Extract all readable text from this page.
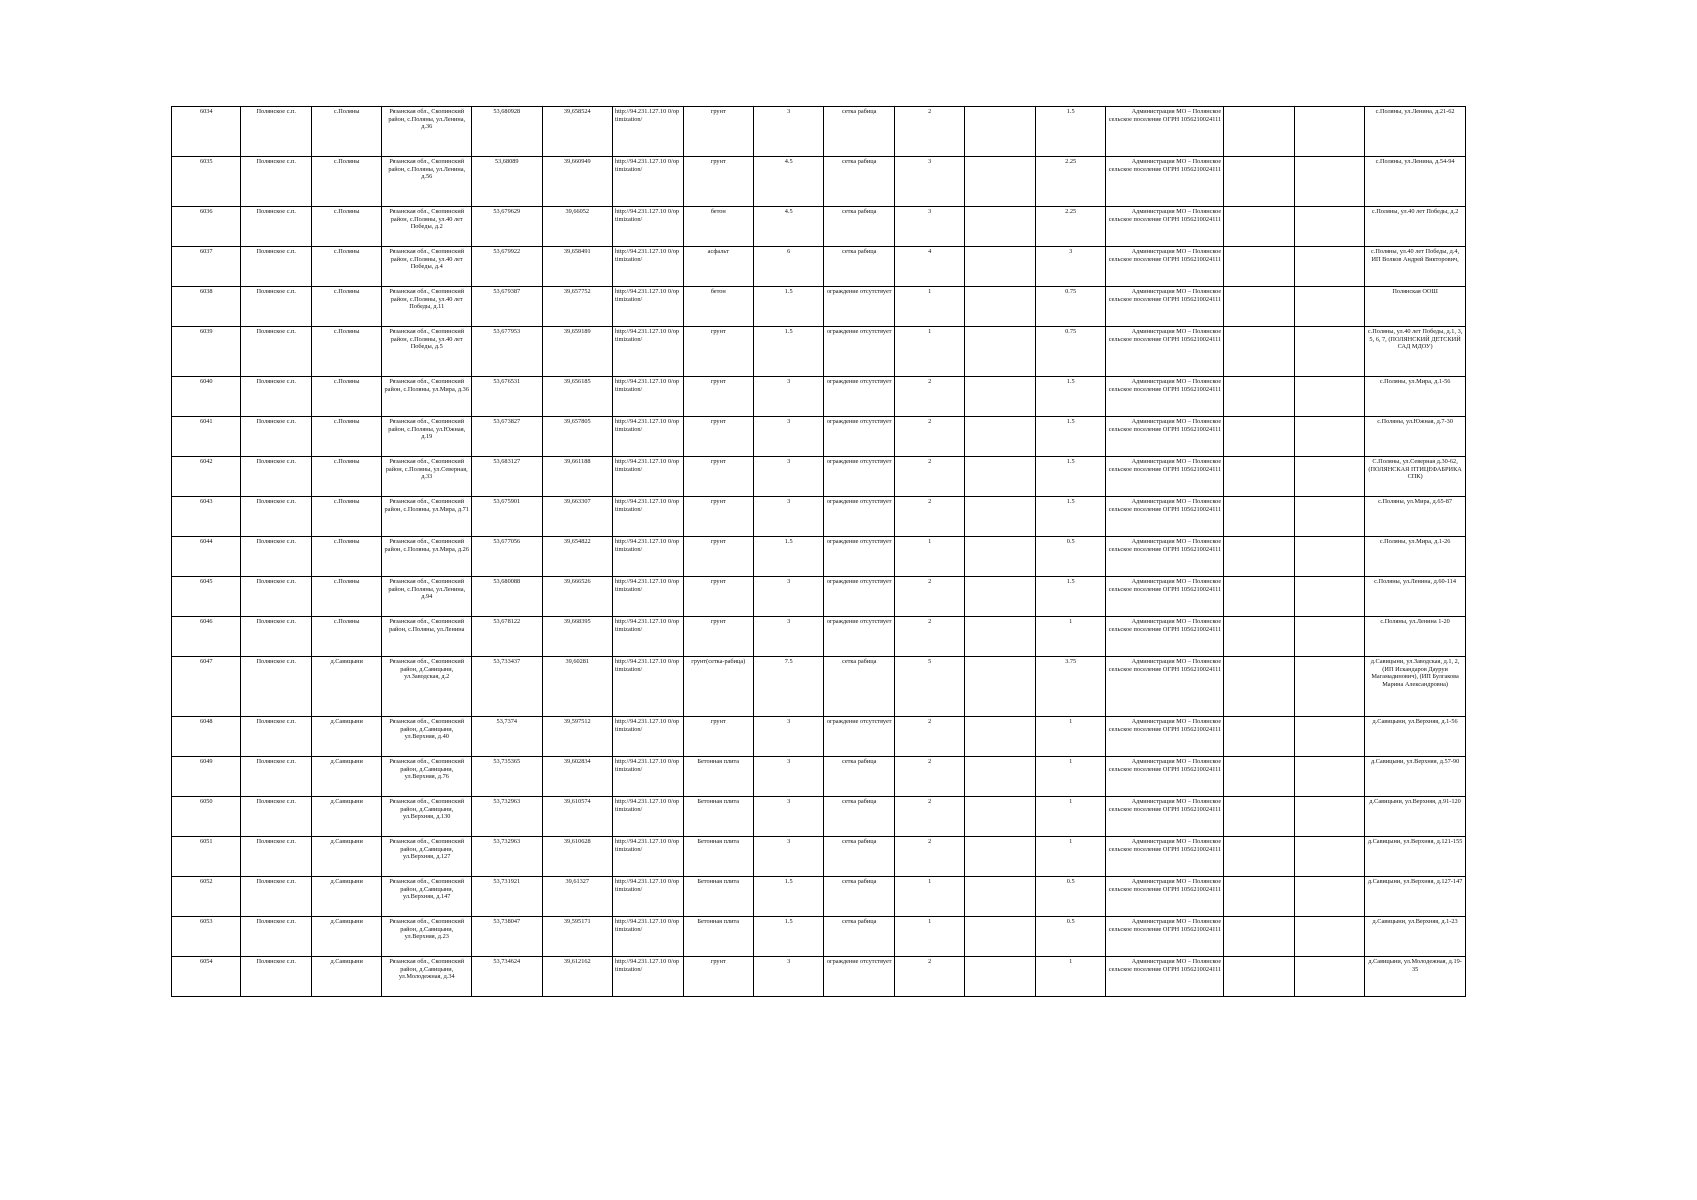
6034	Полянское с.п.	с.Поляны	Рязанская обл., Скопинский район, с.Поляны, ул.Ленина, д.36	53,680928	39,658524	http://94.231.127.10 0/optimization/	грунт	3	сетка рабица	2		1.5	Администрация МО – Полянское сельское поселение ОГРН 1056210024111			с.Поляны, ул.Ленина, д.21-62
6035	Полянское с.п.	с.Поляны	Рязанская обл., Скопинский район, с.Поляны, ул.Ленина, д.56	53,68089	39,660949	http://94.231.127.10 0/optimization/	грунт	4.5	сетка рабица	3		2.25	Администрация МО – Полянское сельское поселение ОГРН 1056210024111			с.Поляны, ул.Ленина, д.54-94
6036	Полянское с.п.	с.Поляны	Рязанская обл., Скопинский район, с.Поляны, ул.40 лет Победы, д.2	53,679629	39,66052	http://94.231.127.10 0/optimization/	бетон	4.5	сетка рабица	3		2.25	Администрация МО – Полянское сельское поселение ОГРН 1056210024111			с.Поляны, ул.40 лет Победы, д.2
6037	Полянское с.п.	с.Поляны	Рязанская обл., Скопинский район, с.Поляны, ул.40 лет Победы, д.4	53,679922	39,658491	http://94.231.127.10 0/optimization/	асфальт	6	сетка рабица	4		3	Администрация МО – Полянское сельское поселение ОГРН 1056210024111			с.Поляны, ул.40 лет Победы, д.4, ИП Волков Андрей Викторович,
6038	Полянское с.п.	с.Поляны	Рязанская обл., Скопинский район, с.Поляны, ул.40 лет Победы, д.11	53,679387	39,657752	http://94.231.127.10 0/optimization/	бетон	1.5	ограждение отсутствует	1		0.75	Администрация МО – Полянское сельское поселение ОГРН 1056210024111			Полянская ООШ
6039	Полянское с.п.	с.Поляны	Рязанская обл., Скопинский район, с.Поляны, ул.40 лет Победы, д.5	53,677953	39,659189	http://94.231.127.10 0/optimization/	грунт	1.5	ограждение отсутствует	1		0.75	Администрация МО – Полянское сельское поселение ОГРН 1056210024111			с.Поляны, ул.40 лет Победы, д.1, 3, 5, 6, 7, (ПОЛЯНСКИЙ ДЕТСКИЙ САД МДОУ)
6040	Полянское с.п.	с.Поляны	Рязанская обл., Скопинский район, с.Поляны, ул.Мира, д.36	53,676531	39,656185	http://94.231.127.10 0/optimization/	грунт	3	ограждение отсутствует	2		1.5	Администрация МО – Полянское сельское поселение ОГРН 1056210024111			с.Поляны, ул.Мира, д.1-56
6041	Полянское с.п.	с.Поляны	Рязанская обл., Скопинский район, с.Поляны, ул.Южная, д.19	53,673827	39,657805	http://94.231.127.10 0/optimization/	грунт	3	ограждение отсутствует	2		1.5	Администрация МО – Полянское сельское поселение ОГРН 1056210024111			с.Поляны, ул.Южная, д.7-30
6042	Полянское с.п.	с.Поляны	Рязанская обл., Скопинский район, с.Поляны, ул.Северная, д.33	53,683127	39,661188	http://94.231.127.10 0/optimization/	грунт	3	ограждение отсутствует	2		1.5	Администрация МО – Полянское сельское поселение ОГРН 1056210024111			С.Поляны, ул.Северная д.30-62, (ПОЛЯНСКАЯ ПТИЦЕФАБРИКА СПК)
6043	Полянское с.п.	с.Поляны	Рязанская обл., Скопинский район, с.Поляны, ул.Мира, д.71	53,675901	39,663307	http://94.231.127.10 0/optimization/	грунт	3	ограждение отсутствует	2		1.5	Администрация МО – Полянское сельское поселение ОГРН 1056210024111			с.Поляны, ул.Мира, д.65-87
6044	Полянское с.п.	с.Поляны	Рязанская обл., Скопинский район, с.Поляны, ул.Мира, д.26	53,677056	39,654822	http://94.231.127.10 0/optimization/	грунт	1.5	ограждение отсутствует	1		0.5	Администрация МО – Полянское сельское поселение ОГРН 1056210024111			с.Поляны, ул.Мира, д.1-26
6045	Полянское с.п.	с.Поляны	Рязанская обл., Скопинский район, с.Поляны, ул.Ленина, д.94	53,680088	39,666526	http://94.231.127.10 0/optimization/	грунт	3	ограждение отсутствует	2		1.5	Администрация МО – Полянское сельское поселение ОГРН 1056210024111			с.Поляны, ул.Ленина, д.60-114
6046	Полянское с.п.	с.Поляны	Рязанская обл., Скопинский район, с.Поляны, ул.Ленина	53,678122	39,668395	http://94.231.127.10 0/optimization/	грунт	3	ограждение отсутствует	2		1	Администрация МО – Полянское сельское поселение ОГРН 1056210024111			с.Поляны, ул.Ленина 1-20
6047	Полянское с.п.	д.Савицыни	Рязанская обл., Скопинский район, д.Савицыни, ул.Заводская, д.2	53,733437	39,60281	http://94.231.127.10 0/optimization/	грунт(сетка-рабица)	7.5	сетка рабица	5		3.75	Администрация МО – Полянское сельское поселение ОГРН 1056210024111			д.Савицыни, ул.Заводская, д.1, 2, (ИП Искандаров Дауруи Магамадинович), (ИП Булгакова Марина Александровна)
6048	Полянское с.п.	д.Савицыни	Рязанская обл., Скопинский район, д.Савицыни, ул.Верхняя, д.40	53,7374	39,597512	http://94.231.127.10 0/optimization/	грунт	3	ограждение отсутствует	2		1	Администрация МО – Полянское сельское поселение ОГРН 1056210024111			д.Савицыни, ул.Верхняя, д.1-56
6049	Полянское с.п.	д.Савицыни	Рязанская обл., Скопинский район, д.Савицыни, ул.Верхняя, д.76	53,735365	39,602834	http://94.231.127.10 0/optimization/	Бетонная плита	3	сетка рабица	2		1	Администрация МО – Полянское сельское поселение ОГРН 1056210024111			д.Савицыни, ул.Верхняя, д.57-90
6050	Полянское с.п.	д.Савицыни	Рязанская обл., Скопинский район, д.Савицыни, ул.Верхняя, д.130	53,732963	39,610574	http://94.231.127.10 0/optimization/	Бетонная плита	3	сетка рабица	2		1	Администрация МО – Полянское сельское поселение ОГРН 1056210024111			д.Савицыни, ул.Верхняя, д.91-120
6051	Полянское с.п.	д.Савицыни	Рязанская обл., Скопинский район, д.Савицыни, ул.Верхняя, д.127	53,732963	39,610628	http://94.231.127.10 0/optimization/	Бетонная плита	3	сетка рабица	2		1	Администрация МО – Полянское сельское поселение ОГРН 1056210024111			д.Савицыни, ул.Верхняя, д.121-155
6052	Полянское с.п.	д.Савицыни	Рязанская обл., Скопинский район, д.Савицыни, ул.Верхняя, д.147	53,731921	39,61327	http://94.231.127.10 0/optimization/	Бетонная плита	1.5	сетка рабица	1		0.5	Администрация МО – Полянское сельское поселение ОГРН 1056210024111			д.Савицыни, ул.Верхняя, д.127-147
6053	Полянское с.п.	д.Савицыни	Рязанская обл., Скопинский район, д.Савицыни, ул.Верхняя, д.23	53,738047	39,595171	http://94.231.127.10 0/optimization/	Бетонная плита	1.5	сетка рабица	1		0.5	Администрация МО – Полянское сельское поселение ОГРН 1056210024111			д.Савицыни, ул.Верхняя, д.1-23
6054	Полянское с.п.	д.Савицыни	Рязанская обл., Скопинский район, д.Савицыни, ул.Молодежная, д.34	53,734624	39,612162	http://94.231.127.10 0/optimization/	грунт	3	ограждение отсутствует	2		1	Администрация МО – Полянское сельское поселение ОГРН 1056210024111			д.Савицыни, ул.Молодежная, д.19-35
